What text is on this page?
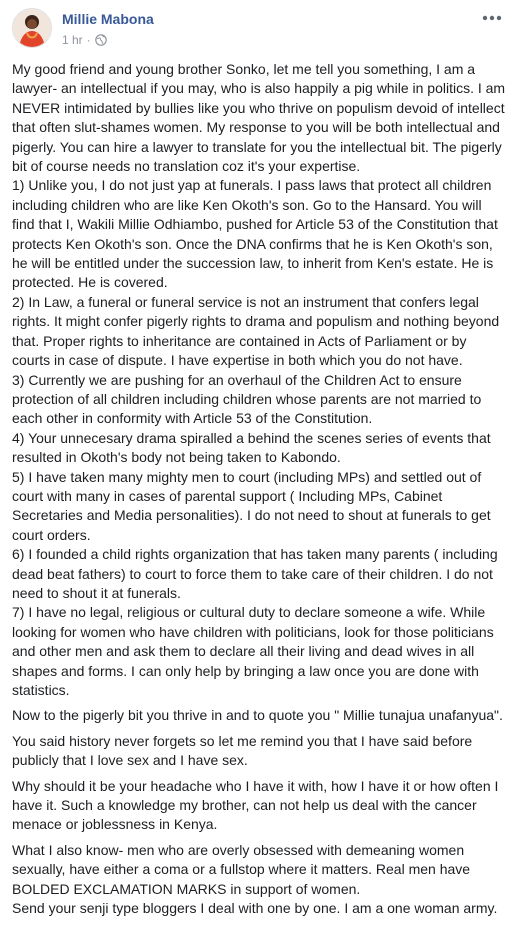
Millie Mabona
1 hr ·

My good friend and young brother Sonko, let me tell you something, I am a lawyer- an intellectual if you may, who is also happily a pig while in politics. I am NEVER intimidated by bullies like you who thrive on populism devoid of intellect that often slut-shames women. My response to you will be both intellectual and pigerly. You can hire a lawyer to translate for you the intellectual bit. The pigerly bit of course needs no translation coz it's your expertise.
1) Unlike you, I do not just yap at funerals. I pass laws that protect all children including children who are like Ken Okoth's son. Go to the Hansard. You will find that I, Wakili Millie Odhiambo, pushed for Article 53 of the Constitution that protects Ken Okoth's son. Once the DNA confirms that he is Ken Okoth's son, he will be entitled under the succession law, to inherit from Ken's estate. He is protected. He is covered.
2) In Law, a funeral or funeral service is not an instrument that confers legal rights. It might confer pigerly rights to drama and populism and nothing beyond that. Proper rights to inheritance are contained in Acts of Parliament or by courts in case of dispute. I have expertise in both which you do not have.
3) Currently we are pushing for an overhaul of the Children Act to ensure protection of all children including children whose parents are not married to each other in conformity with Article 53 of the Constitution.
4) Your unnecesary drama spiralled a behind the scenes series of events that resulted in Okoth's body not being taken to Kabondo.
5) I have taken many mighty men to court (including MPs) and settled out of court with many in cases of parental support ( Including MPs, Cabinet Secretaries and Media personalities). I do not need to shout at funerals to get court orders.
6) I founded a child rights organization that has taken many parents ( including dead beat fathers) to court to force them to take care of their children. I do not need to shout it at funerals.
7) I have no legal, religious or cultural duty to declare someone a wife. While looking for women who have children with politicians, look for those politicians and other men and ask them to declare all their living and dead wives in all shapes and forms. I can only help by bringing a law once you are done with statistics.

Now to the pigerly bit you thrive in and to quote you " Millie tunajua unafanyua".

You said history never forgets so let me remind you that I have said before publicly that I love sex and I have sex.

Why should it be your headache who I have it with, how I have it or how often I have it. Such a knowledge my brother, can not help us deal with the cancer menace or joblessness in Kenya.

What I also know- men who are overly obsessed with demeaning women sexually, have either a coma or a fullstop where it matters. Real men have BOLDED EXCLAMATION MARKS in support of women.
Send your senji type bloggers I deal with one by one. I am a one woman army.
